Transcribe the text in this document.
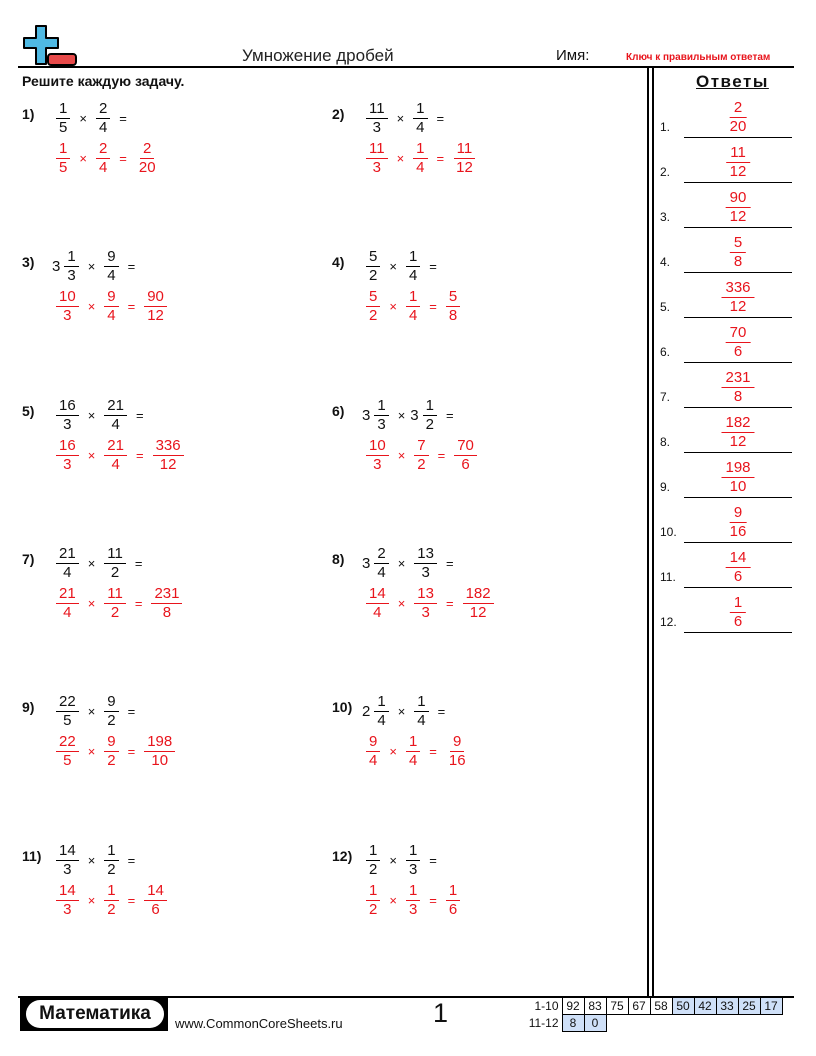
Умножение дробей	Имя:	Ключ к правильным ответам
Решите каждую задачу.	Ответы
$1) \frac{1}{5} \times \frac{2}{4}$ =
$\frac{1}{5} \times \frac{2}{4} = \frac{2}{20}$
$2) \frac{11}{3} \times \frac{1}{4}$ =
$\frac{11}{3} \times \frac{1}{4} = \frac{11}{12}$
3) $3 \frac{1}{3} \times \frac{9}{4}$ =
$\frac{10}{3} \times \frac{9}{4} = \frac{90}{12}$
$4) \frac{5}{2} \times \frac{1}{4}$ =
$\frac{5}{2} \times \frac{1}{4} = \frac{5}{8}$
$5) \frac{16}{3} \times \frac{21}{4}$ =
$\frac{16}{3} \times \frac{21}{4} = \frac{336}{12}$
6) $3 \frac{1}{3} \times 3 \frac{1}{2}$ =
$\frac{10}{3} \times \frac{7}{2} = \frac{70}{6}$
$7) \frac{21}{4} \times \frac{11}{2}$ =
$\frac{21}{4} \times \frac{11}{2} = \frac{231}{8}$
8) $3 \frac{2}{4} \times \frac{13}{3}$ =
$\frac{14}{4} \times \frac{13}{3} = \frac{182}{12}$
$9) \frac{22}{5} \times \frac{9}{2}$ =
$\frac{22}{5} \times \frac{9}{2} = \frac{198}{10}$
10) $2 \frac{1}{4} \times \frac{1}{4}$ =
$\frac{9}{4} \times \frac{1}{4} = \frac{9}{16}$
$11) \frac{14}{3} \times \frac{1}{2}$ =
$\frac{14}{3} \times \frac{1}{2} = \frac{14}{6}$
$12) \frac{1}{2} \times \frac{1}{3}$ =
$\frac{1}{2} \times \frac{1}{3} = \frac{1}{6}$
1.	$\frac{2}{20}$
2.	$\frac{11}{12}$
3.	$\frac{90}{12}$
4.	$\frac{5}{8}$
5.	$\frac{336}{12}$
6.	$\frac{70}{6}$
7.	$\frac{231}{8}$
8.	$\frac{182}{12}$
9.	$\frac{198}{10}$
10.	$\frac{9}{16}$
11.	$\frac{14}{6}$
12.	$\frac{1}{6}$
Математика	www.CommonCoreSheets.ru	1	1-10	92	83	75	67	58	50	42	33	25	17
11-12	8	0								
